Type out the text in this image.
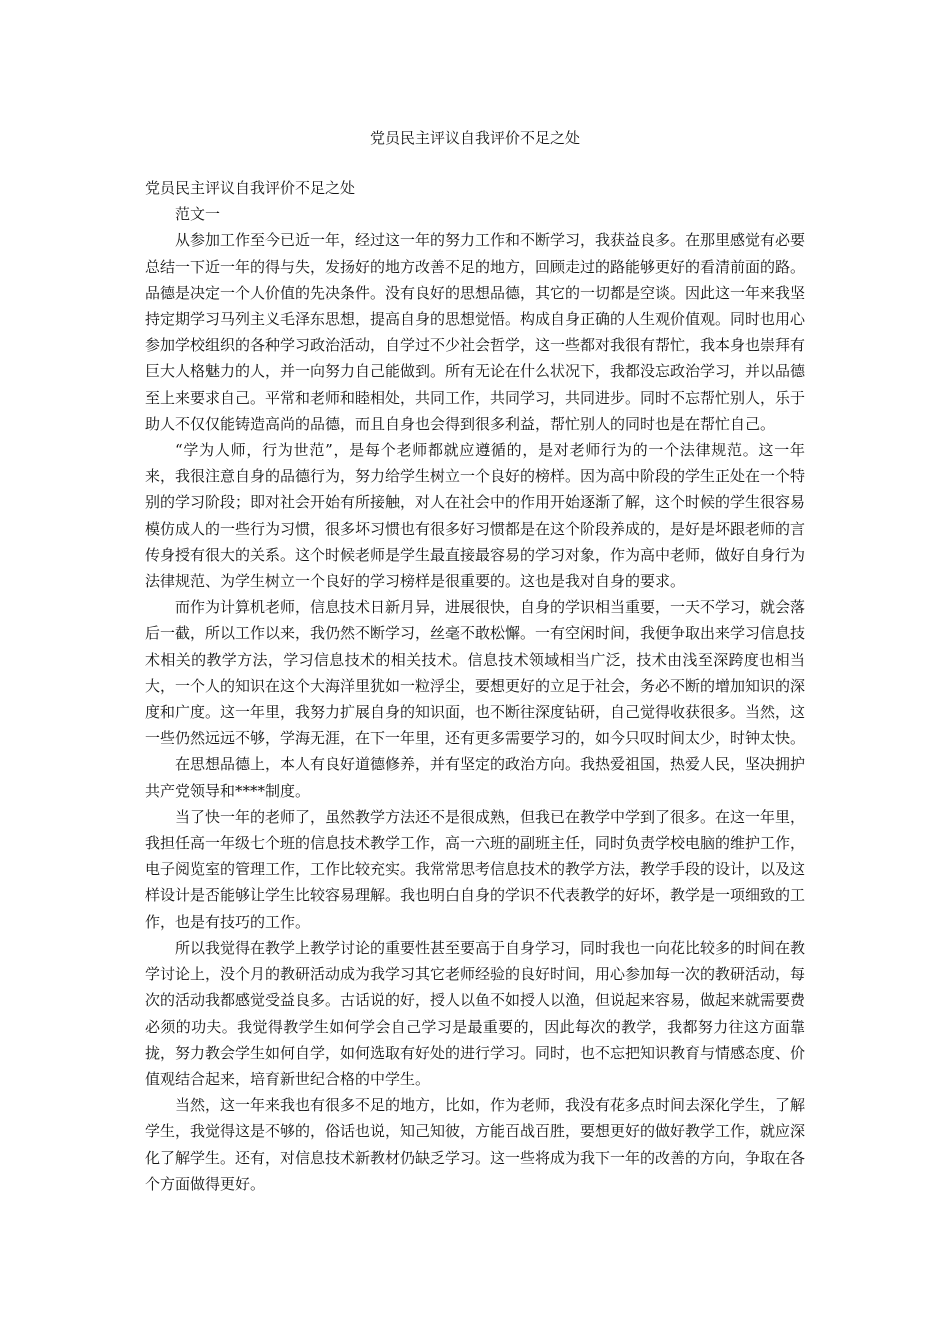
党员民主评议自我评价不足之处

党员民主评议自我评价不足之处

范文一

从参加工作至今已近一年，经过这一年的努力工作和不断学习，我获益良多。在那里感觉有必要总结一下近一年的得与失，发扬好的地方改善不足的地方，回顾走过的路能够更好的看清前面的路。品德是决定一个人价值的先决条件。没有良好的思想品德，其它的一切都是空谈。因此这一年来我坚持定期学习马列主义毛泽东思想，提高自身的思想觉悟。构成自身正确的人生观价值观。同时也用心参加学校组织的各种学习政治活动，自学过不少社会哲学，这一些都对我很有帮忙，我本身也崇拜有巨大人格魅力的人，并一向努力自己能做到。所有无论在什么状况下，我都没忘政治学习，并以品德至上来要求自己。平常和老师和睦相处，共同工作，共同学习，共同进步。同时不忘帮忙别人，乐于助人不仅仅能铸造高尚的品德，而且自身也会得到很多利益，帮忙别人的同时也是在帮忙自己。

“学为人师，行为世范”，是每个老师都就应遵循的，是对老师行为的一个法律规范。这一年来，我很注意自身的品德行为，努力给学生树立一个良好的榜样。因为高中阶段的学生正处在一个特别的学习阶段；即对社会开始有所接触，对人在社会中的作用开始逐渐了解，这个时候的学生很容易模仿成人的一些行为习惯，很多坏习惯也有很多好习惯都是在这个阶段养成的，是好是坏跟老师的言传身授有很大的关系。这个时候老师是学生最直接最容易的学习对象，作为高中老师，做好自身行为法律规范、为学生树立一个良好的学习榜样是很重要的。这也是我对自身的要求。

而作为计算机老师，信息技术日新月异，进展很快，自身的学识相当重要，一天不学习，就会落后一截，所以工作以来，我仍然不断学习，丝毫不敢松懈。一有空闲时间，我便争取出来学习信息技术相关的教学方法，学习信息技术的相关技术。信息技术领域相当广泛，技术由浅至深跨度也相当大，一个人的知识在这个大海洋里犹如一粒浮尘，要想更好的立足于社会，务必不断的增加知识的深度和广度。这一年里，我努力扩展自身的知识面，也不断往深度钻研，自己觉得收获很多。当然，这一些仍然远远不够，学海无涯，在下一年里，还有更多需要学习的，如今只叹时间太少，时钟太快。

在思想品德上，本人有良好道德修养，并有坚定的政治方向。我热爱祖国，热爱人民，坚决拥护共产党领导和****制度。

当了快一年的老师了，虽然教学方法还不是很成熟，但我已在教学中学到了很多。在这一年里，我担任高一年级七个班的信息技术教学工作，高一六班的副班主任，同时负责学校电脑的维护工作，电子阅览室的管理工作，工作比较充实。我常常思考信息技术的教学方法，教学手段的设计，以及这样设计是否能够让学生比较容易理解。我也明白自身的学识不代表教学的好坏，教学是一项细致的工作，也是有技巧的工作。

所以我觉得在教学上教学讨论的重要性甚至要高于自身学习，同时我也一向花比较多的时间在教学讨论上，没个月的教研活动成为我学习其它老师经验的良好时间，用心参加每一次的教研活动，每次的活动我都感觉受益良多。古话说的好，授人以鱼不如授人以渔，但说起来容易，做起来就需要费必须的功夫。我觉得教学生如何学会自己学习是最重要的，因此每次的教学，我都努力往这方面靠拢，努力教会学生如何自学，如何选取有好处的进行学习。同时，也不忘把知识教育与情感态度、价值观结合起来，培育新世纪合格的中学生。

当然，这一年来我也有很多不足的地方，比如，作为老师，我没有花多点时间去深化学生，了解学生，我觉得这是不够的，俗话也说，知己知彼，方能百战百胜，要想更好的做好教学工作，就应深化了解学生。还有，对信息技术新教材仍缺乏学习。这一些将成为我下一年的改善的方向，争取在各个方面做得更好。
